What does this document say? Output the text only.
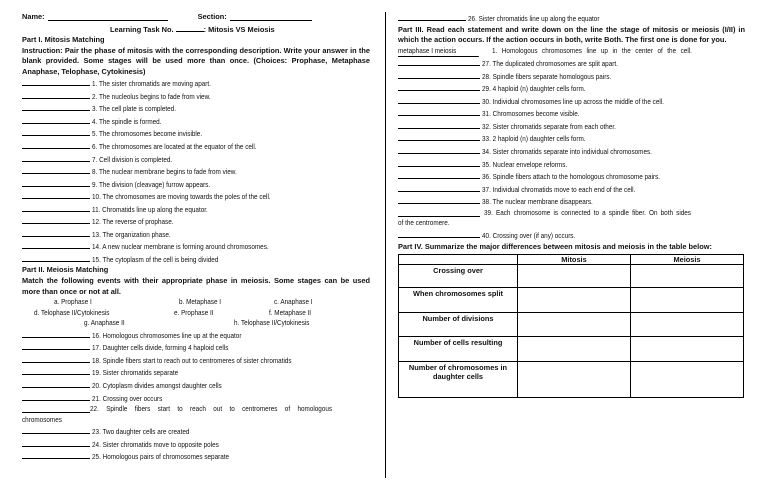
Name:	Section:
Learning Task No.	: Mitosis VS Meiosis
Part I. Mitosis Matching
Instruction: Pair the phase of mitosis with the corresponding description. Write your answer in the blank provided. Some stages will be used more than once. (Choices: Prophase, Metaphase Anaphase, Telophase, Cytokinesis)
1. The sister chromatids are moving apart.
2. The nucleolus begins to fade from view.
3. The cell plate is completed.
4. The spindle is formed.
5. The chromosomes become invisible.
6. The chromosomes are located at the equator of the cell.
7. Cell division is completed.
8. The nuclear membrane begins to fade from view.
9. The division (cleavage) furrow appears.
10. The chromosomes are moving towards the poles of the cell.
11. Chromatids line up along the equator.
12. The reverse of prophase.
13. The organization phase.
14. A new nuclear membrane is forming around chromosomes.
15. The cytoplasm of the cell is being divided
Part II. Meiosis Matching
Match the following events with their appropriate phase in meiosis. Some stages can be used more than once or not at all.
a. Prophase I	b. Metaphase I	c. Anaphase I
d. Telophase II/Cytokinesis	e. Prophase II	f. Metaphase II
g. Anaphase II	h. Telophase II/Cytokinesis
16. Homologous chromosomes line up at the equator
17. Daughter cells divide, forming 4 haploid cells
18. Spindle fibers start to reach out to centromeres of sister chromatids
19. Sister chromatids separate
20. Cytoplasm divides amongst daughter cells
21. Crossing over occurs
22. Spindle fibers start to reach out to centromeres of homologous
chromosomes
23. Two daughter cells are created
24. Sister chromatids move to opposite poles
25. Homologous pairs of chromosomes separate
26. Sister chromatids line up along the equator
Part III. Read each statement and write down on the line the stage of mitosis or meiosis (I/II) in which the action occurs. If the action occurs in both, write Both. The first one is done for you.
metaphase I meiosis	1. Homologous chromosomes line up in the center of the cell.
27. The duplicated chromosomes are split apart.
28. Spindle fibers separate homologous pairs.
29. 4 haploid (n) daughter cells form.
30. Individual chromosomes line up across the middle of the cell.
31. Chromosomes become visible.
32. Sister chromatids separate from each other.
33. 2 haploid (n) daughter cells form.
34. Sister chromatids separate into individual chromosomes.
35. Nuclear envelope reforms.
36. Spindle fibers attach to the homologous chromosome pairs.
37. Individual chromatids move to each end of the cell.
38. The nuclear membrane disappears.
39. Each chromosome is connected to a spindle fiber. On both sides
of the centromere.
40. Crossing over (if any) occurs.
Part IV. Summarize the major differences between mitosis and meiosis in the table below:
	Mitosis	Meiosis
Crossing over		
When chromosomes split		
Number of divisions		
Number of cells resulting		
Number of chromosomes in daughter cells		
